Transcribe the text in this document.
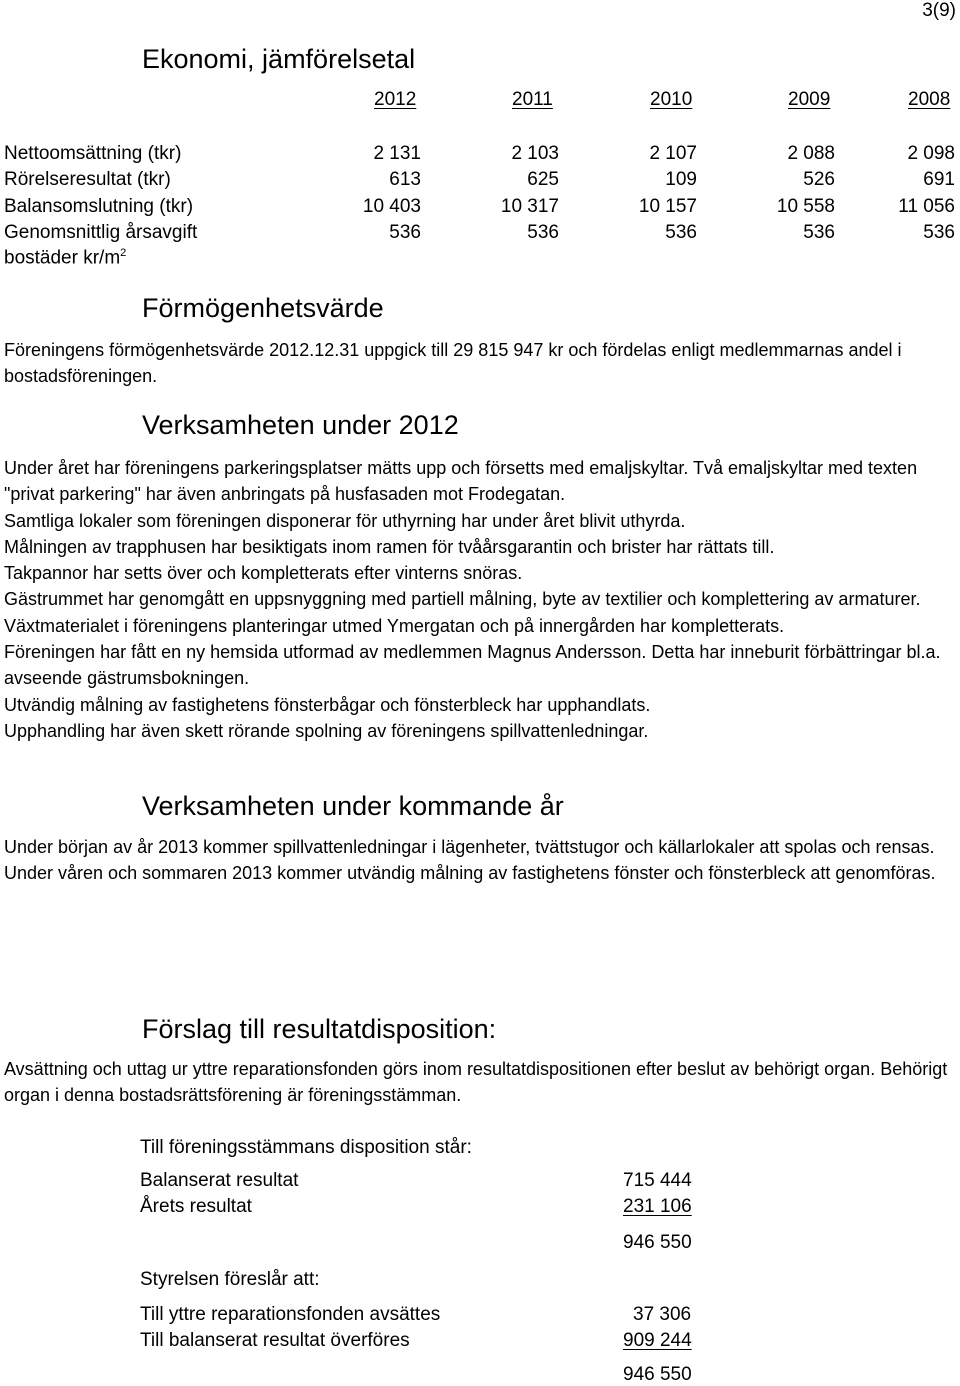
3(9)
Ekonomi, jämförelsetal
2012	2011	2010	2009	2008
Nettoomsättning (tkr)	2 131	2 103	2 107	2 088	2 098
Rörelseresultat (tkr)	613	625	109	526	691
Balansomslutning (tkr)	10 403	10 317	10 157	10 558	11 056
Genomsnittlig årsavgift	536	536	536	536	536
bostäder $kr/m^2$
Förmögenhetsvärde

Föreningens förmögenhetsvärde 2012.12.31 uppgick till 29 815 947 kr och fördelas enligt medlemmarnas andel i bostadsföreningen.

Verksamheten under 2012

Under året har föreningens parkeringsplatser mätts upp och försetts med emaljskyltar. Två emaljskyltar med texten "privat parkering" har även anbringats på husfasaden mot Frodegatan.

Samtliga lokaler som föreningen disponerar för uthyrning har under året blivit uthyrda.

Målningen av trapphusen har besiktigats inom ramen för tvåårsgarantin och brister har rättats till.

Takpannor har setts över och kompletterats efter vinterns snöras.

Gästrummet har genomgått en uppsnyggning med partiell målning, byte av textilier och komplettering av armaturer.

Växtmaterialet i föreningens planteringar utmed Ymergatan och på innergården har kompletterats.

Föreningen har fått en ny hemsida utformad av medlemmen Magnus Andersson. Detta har inneburit förbättringar bl.a. avseende gästrumsbokningen.

Utvändig målning av fastighetens fönsterbågar och fönsterbleck har upphandlats.

Upphandling har även skett rörande spolning av föreningens spillvattenledningar.

Verksamheten under kommande år

Under början av år 2013 kommer spillvattenledningar i lägenheter, tvättstugor och källarlokaler att spolas och rensas.

Under våren och sommaren 2013 kommer utvändig målning av fastighetens fönster och fönsterbleck att genomföras.

Förslag till resultatdisposition:

Avsättning och uttag ur yttre reparationsfonden görs inom resultatdispositionen efter beslut av behörigt organ. Behörigt organ i denna bostadsrättsförening är föreningsstämman.

Till föreningsstämmans disposition står:
Balanserat resultat	715 444
Årets resultat	231 106
946 550
Styrelsen föreslår att:
Till yttre reparationsfonden avsättes	37 306
Till balanserat resultat överföres	909 244
946 550
